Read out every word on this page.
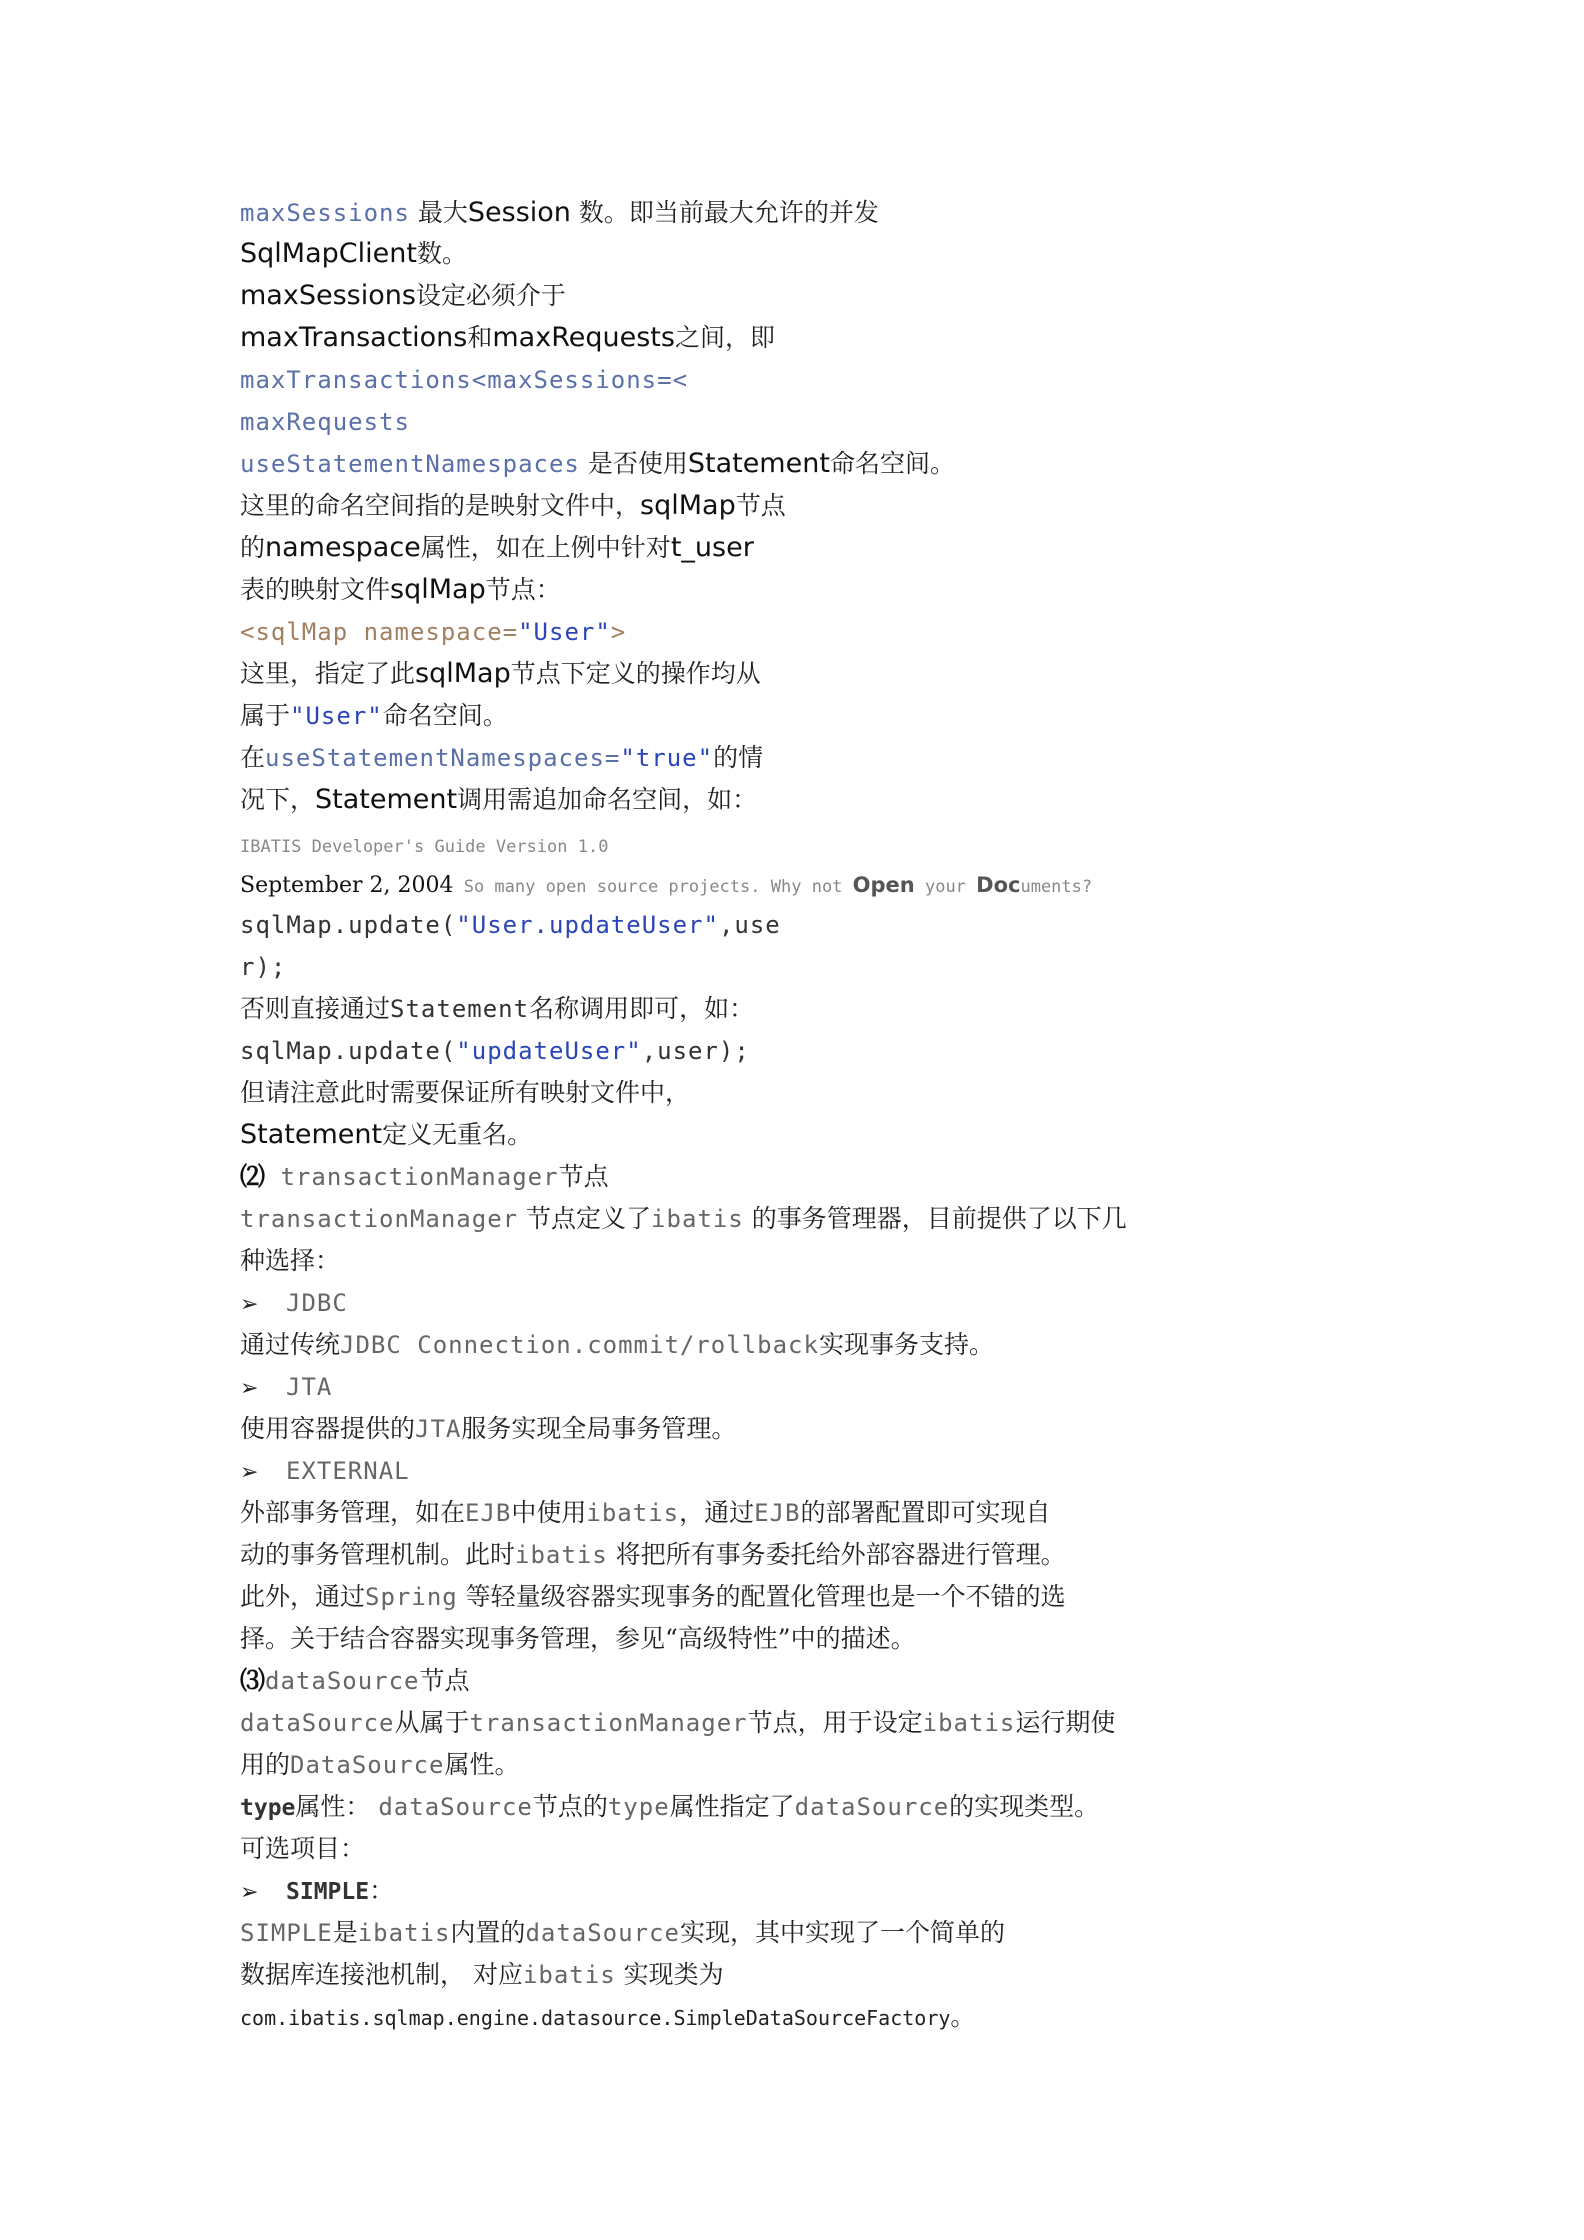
maxSessions 最大Session 数。即当前最大允许的并发
SqlMapClient数。
maxSessions设定必须介于
maxTransactions和maxRequests之间，即
maxTransactions<maxSessions=<
maxRequests
useStatementNamespaces 是否使用Statement命名空间。
这里的命名空间指的是映射文件中，sqlMap节点
的namespace属性，如在上例中针对t_user
表的映射文件sqlMap节点：
<sqlMap namespace="User">
这里，指定了此sqlMap节点下定义的操作均从
属于"User"命名空间。
在useStatementNamespaces="true"的情
况下，Statement调用需追加命名空间，如：
IBATIS Developer's Guide Version 1.0
September 2, 2004 So many open source projects. Why not Open your Documents?
sqlMap.update("User.updateUser",use
r);
否则直接通过Statement名称调用即可，如：
sqlMap.update("updateUser",user);
但请注意此时需要保证所有映射文件中，
Statement定义无重名。
⑵ transactionManager节点
transactionManager 节点定义了ibatis 的事务管理器，目前提供了以下几
种选择：
➢ JDBC
通过传统JDBC Connection.commit/rollback实现事务支持。
➢ JTA
使用容器提供的JTA服务实现全局事务管理。
➢ EXTERNAL
外部事务管理，如在EJB中使用ibatis，通过EJB的部署配置即可实现自
动的事务管理机制。此时ibatis 将把所有事务委托给外部容器进行管理。
此外，通过Spring 等轻量级容器实现事务的配置化管理也是一个不错的选
择。关于结合容器实现事务管理，参见“高级特性”中的描述。
⑶dataSource节点
dataSource从属于transactionManager节点，用于设定ibatis运行期使
用的DataSource属性。
type属性： dataSource节点的type属性指定了dataSource的实现类型。
可选项目：
➢ SIMPLE：
SIMPLE是ibatis内置的dataSource实现，其中实现了一个简单的
数据库连接池机制， 对应ibatis 实现类为
com.ibatis.sqlmap.engine.datasource.SimpleDataSourceFactory。
